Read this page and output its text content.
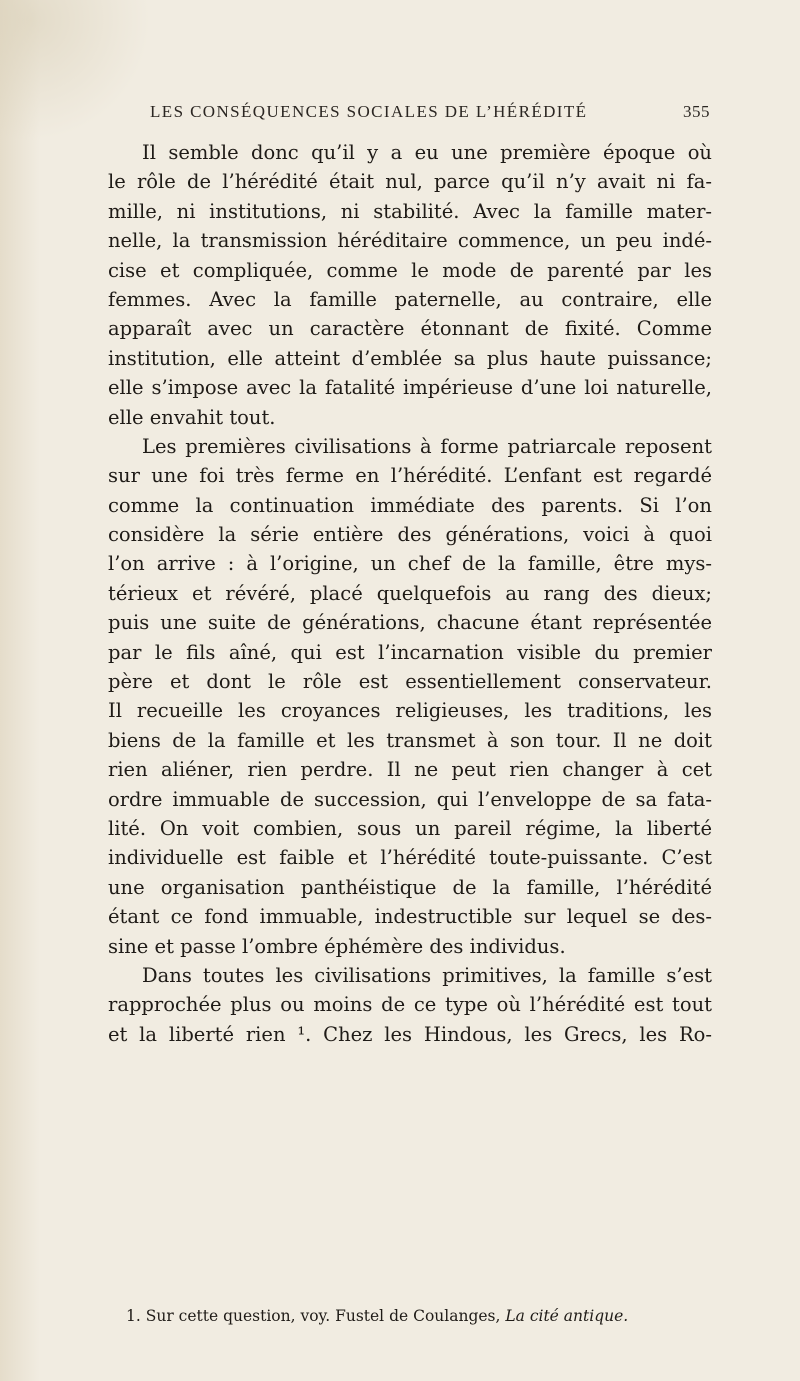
LES CONSÉQUENCES SOCIALES DE L’HÉRÉDITÉ	355
Il semble donc qu’il y a eu une première époque où
le rôle de l’hérédité était nul, parce qu’il n’y avait ni fa-
mille, ni institutions, ni stabilité. Avec la famille mater-
nelle, la transmission héréditaire commence, un peu indé-
cise et compliquée, comme le mode de parenté par les
femmes. Avec la famille paternelle, au contraire, elle
apparaît avec un caractère étonnant de fixité. Comme
institution, elle atteint d’emblée sa plus haute puissance;
elle s’impose avec la fatalité impérieuse d’une loi naturelle,
elle envahit tout.
Les premières civilisations à forme patriarcale reposent
sur une foi très ferme en l’hérédité. L’enfant est regardé
comme la continuation immédiate des parents. Si l’on
considère la série entière des générations, voici à quoi
l’on arrive : à l’origine, un chef de la famille, être mys-
térieux et révéré, placé quelquefois au rang des dieux;
puis une suite de générations, chacune étant représentée
par le fils aîné, qui est l’incarnation visible du premier
père et dont le rôle est essentiellement conservateur.
Il recueille les croyances religieuses, les traditions, les
biens de la famille et les transmet à son tour. Il ne doit
rien aliéner, rien perdre. Il ne peut rien changer à cet
ordre immuable de succession, qui l’enveloppe de sa fata-
lité. On voit combien, sous un pareil régime, la liberté
individuelle est faible et l’hérédité toute-puissante. C’est
une organisation panthéistique de la famille, l’hérédité
étant ce fond immuable, indestructible sur lequel se des-
sine et passe l’ombre éphémère des individus.
Dans toutes les civilisations primitives, la famille s’est
rapprochée plus ou moins de ce type où l’hérédité est tout
et la liberté rien ¹. Chez les Hindous, les Grecs, les Ro-
1. Sur cette question, voy. Fustel de Coulanges, La cité antique.
